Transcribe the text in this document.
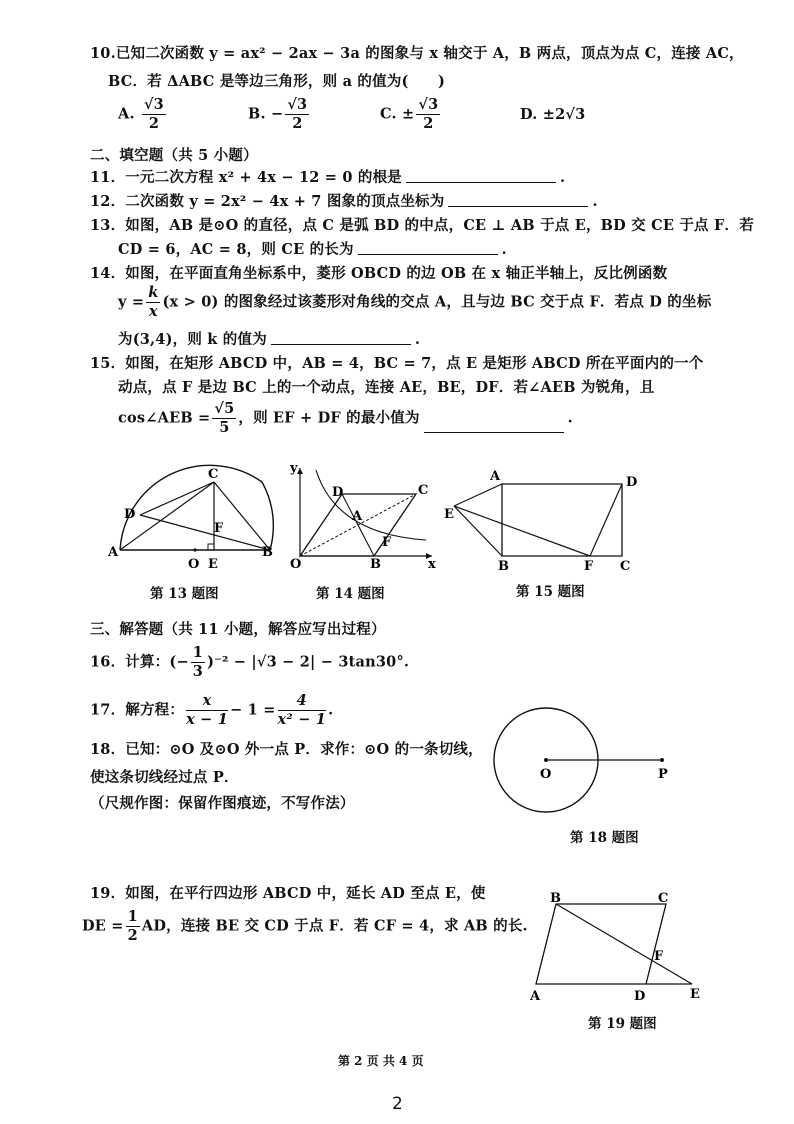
10.已知二次函数 y = ax² − 2ax − 3a 的图象与 x 轴交于 A，B 两点，顶点为点 C，连接 AC，
BC．若 ΔABC 是等边三角形，则 a 的值为(　　)
A. $\frac{√3}{2}$	B. − $\frac{√3}{2}$	C. ± $\frac{√3}{2}$	D. ±2√3
二、填空题（共 5 小题）
11．一元二次方程 x² + 4x − 12 = 0 的根是	.
12．二次函数 y = 2x² − 4x + 7 图象的顶点坐标为	.
13．如图，AB 是⊙O 的直径，点 C 是弧 BD 的中点，CE ⊥ AB 于点 E，BD 交 CE 于点 F．若
CD = 6，AC = 8，则 CE 的长为	.
14．如图，在平面直角坐标系中，菱形 OBCD 的边 OB 在 x 轴正半轴上，反比例函数
$y = \frac{k}{x} (x > 0)$ 的图象经过该菱形对角线的交点 A，且与边 BC 交于点 F．若点 D 的坐标
为(3,4)，则 k 的值为	.
15．如图，在矩形 ABCD 中，AB = 4，BC = 7，点 E 是矩形 ABCD 所在平面内的一个
动点，点 F 是边 BC 上的一个动点，连接 AE，BE，DF．若∠AEB 为锐角，且
cos∠AEB = $\frac{√5}{5}$ ，则 EF + DF 的最小值为	.
A	B
C
D
E
F
O
第 13 题图
O	B
C
D
A
F
x
y
第 14 题图
A
B	C
D
E
F
第 15 题图
三、解答题（共 11 小题，解答应写出过程）
16．计算：(− $\frac{1}{3} )^{-2} - |√3 - 2| - 3\tan 30^\circ$.
17．解方程： $\frac{x}{x - 1} - 1 = \frac{4}{\text{x² − 1}}$ .
18．已知：⊙O 及⊙O 外一点 P．求作：⊙O 的一条切线，
使这条切线经过点 P．
（尺规作图：保留作图痕迹，不写作法）
O	P
第 18 题图
19．如图，在平行四边形 ABCD 中，延长 AD 至点 E，使
DE = $\frac{1}{2}$ AD，连接 BE 交 CD 于点 F．若 CF = 4，求 AB 的长.
B	C
A	D	E
F
第 19 题图
第 2 页 共 4 页
2
